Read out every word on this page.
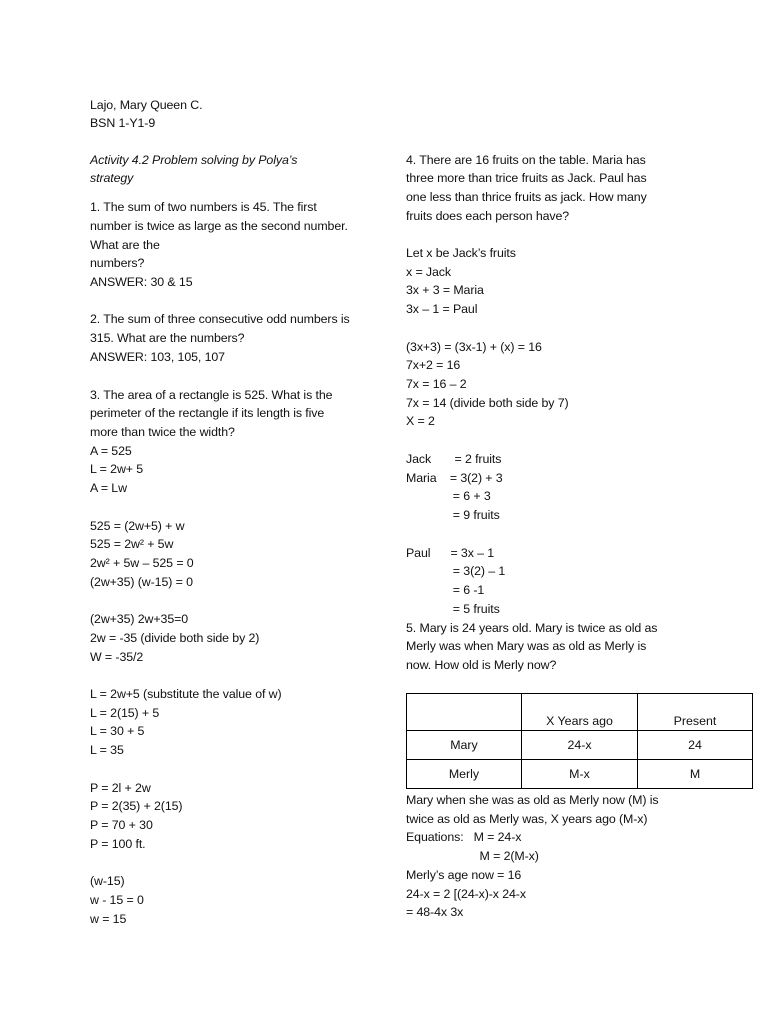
Lajo, Mary Queen C.
BSN 1-Y1-9
Activity 4.2 Problem solving by Polya’s
strategy
1. The sum of two numbers is 45. The first
number is twice as large as the second number.
What are the
numbers?
ANSWER: 30 & 15
2. The sum of three consecutive odd numbers is
315. What are the numbers?
ANSWER: 103, 105, 107
3. The area of a rectangle is 525. What is the
perimeter of the rectangle if its length is five
more than twice the width?
A = 525
L = 2w+ 5
A = Lw
525 = (2w+5) + w
525 = 2w² + 5w
2w² + 5w – 525 = 0
(2w+35) (w-15) = 0
(2w+35) 2w+35=0
2w = -35 (divide both side by 2)
W = -35/2
L = 2w+5 (substitute the value of w)
L = 2(15) + 5
L = 30 + 5
L = 35
P = 2l + 2w
P = 2(35) + 2(15)
P = 70 + 30
P = 100 ft.
(w-15)
w - 15 = 0
w = 15
4. There are 16 fruits on the table. Maria has
three more than trice fruits as Jack. Paul has
one less than thrice fruits as jack. How many
fruits does each person have?
Let x be Jack’s fruits
x = Jack
3x + 3 = Maria
3x – 1 = Paul
(3x+3) = (3x-1) + (x) = 16
7x+2 = 16
7x = 16 – 2
7x = 14 (divide both side by 7)
X = 2
Jack       = 2 fruits
Maria    = 3(2) + 3
= 6 + 3
= 9 fruits
Paul      = 3x – 1
= 3(2) – 1
= 6 -1
= 5 fruits
5. Mary is 24 years old. Mary is twice as old as
Merly was when Mary was as old as Merly is
now. How old is Merly now?
Mary when she was as old as Merly now (M) is
twice as old as Merly was, X years ago (M-x)
Equations:   M = 24-x
M = 2(M-x)
Merly’s age now = 16
24-x = 2 [(24-x)-x 24-x
= 48-4x 3x
	X Years ago	Present
Mary	24-x	24
Merly	M-x	M
